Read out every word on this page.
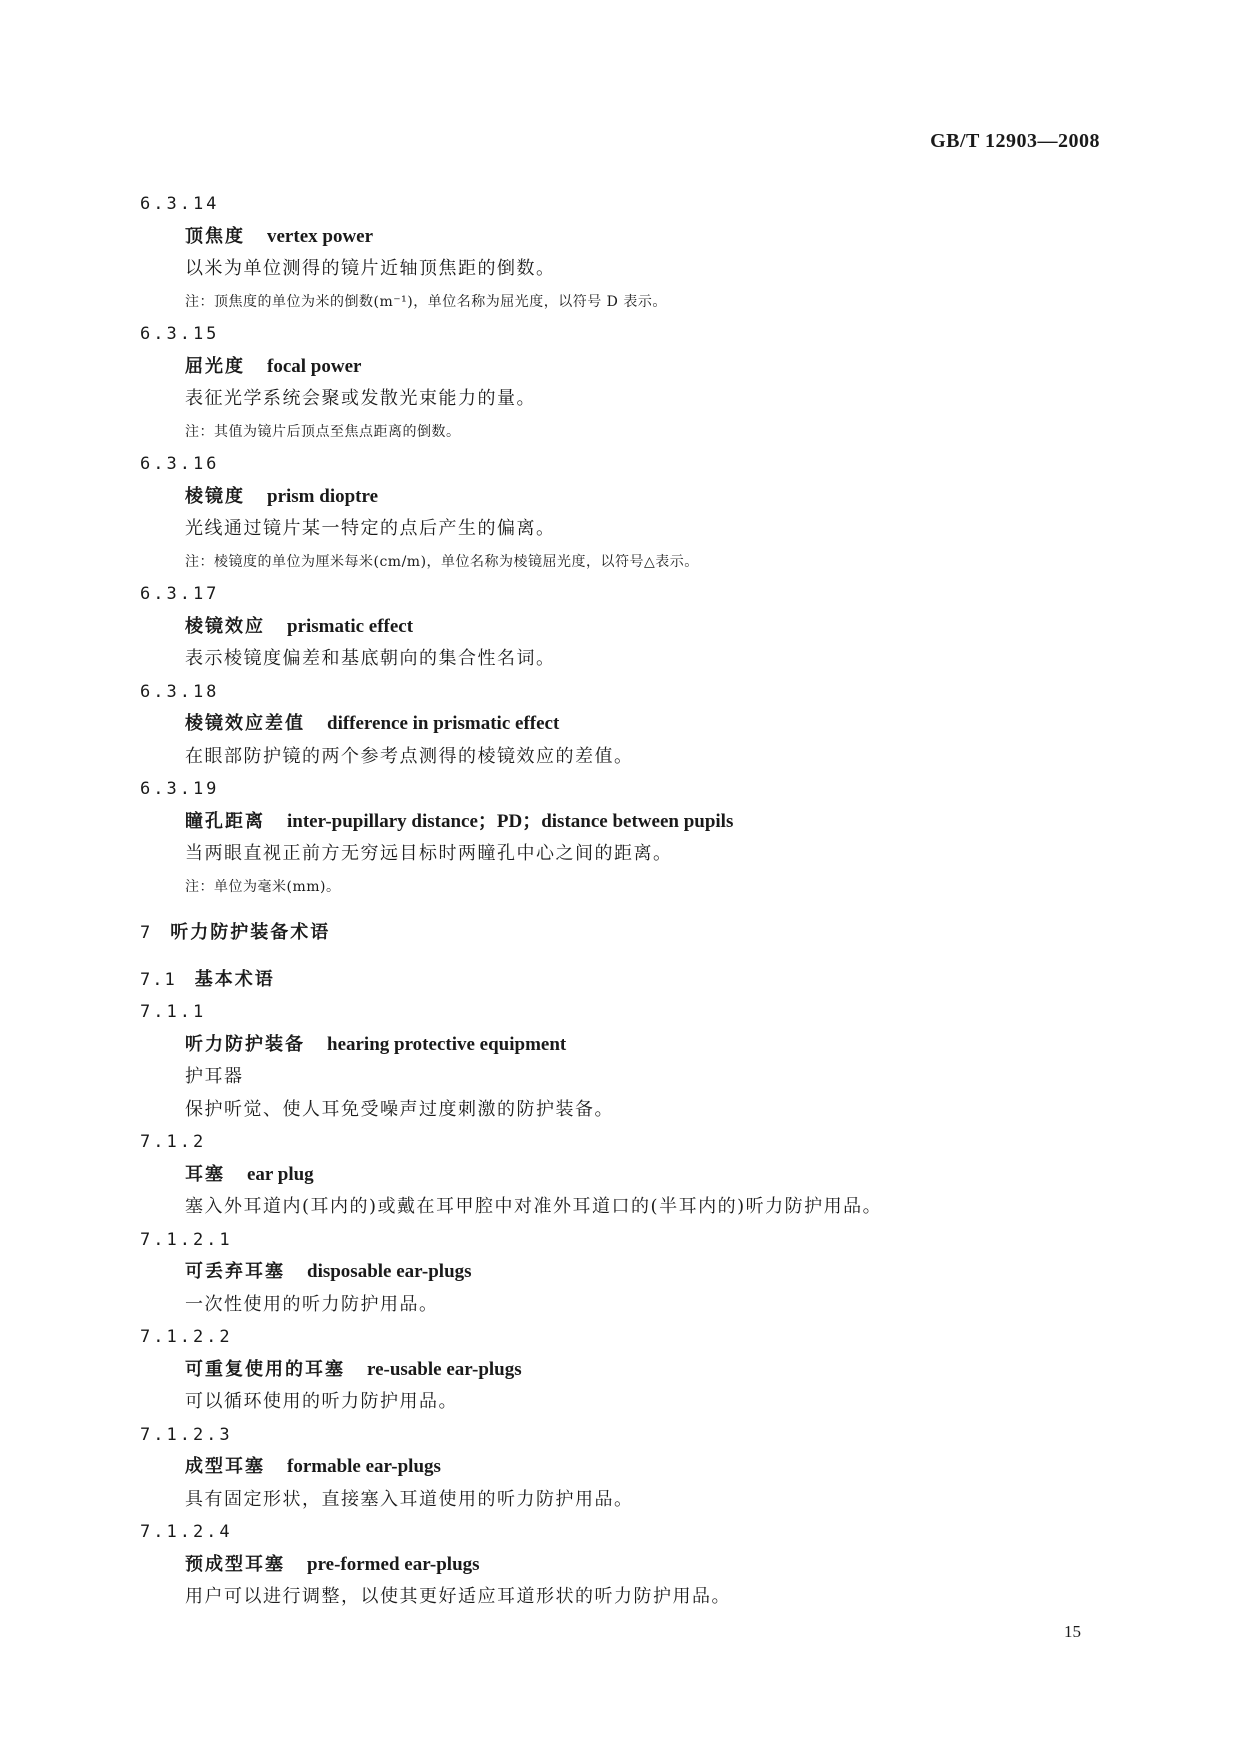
GB/T 12903—2008
6.3.14
顶焦度 vertex power
以米为单位测得的镜片近轴顶焦距的倒数。
注：顶焦度的单位为米的倒数(m⁻¹)，单位名称为屈光度，以符号 D 表示。
6.3.15
屈光度 focal power
表征光学系统会聚或发散光束能力的量。
注：其值为镜片后顶点至焦点距离的倒数。
6.3.16
棱镜度 prism dioptre
光线通过镜片某一特定的点后产生的偏离。
注：棱镜度的单位为厘米每米(cm/m)，单位名称为棱镜屈光度，以符号△表示。
6.3.17
棱镜效应 prismatic effect
表示棱镜度偏差和基底朝向的集合性名词。
6.3.18
棱镜效应差值 difference in prismatic effect
在眼部防护镜的两个参考点测得的棱镜效应的差值。
6.3.19
瞳孔距离 inter-pupillary distance；PD；distance between pupils
当两眼直视正前方无穷远目标时两瞳孔中心之间的距离。
注：单位为毫米(mm)。
7 听力防护装备术语
7.1 基本术语
7.1.1
听力防护装备 hearing protective equipment
护耳器
保护听觉、使人耳免受噪声过度刺激的防护装备。
7.1.2
耳塞 ear plug
塞入外耳道内(耳内的)或戴在耳甲腔中对准外耳道口的(半耳内的)听力防护用品。
7.1.2.1
可丢弃耳塞 disposable ear-plugs
一次性使用的听力防护用品。
7.1.2.2
可重复使用的耳塞 re-usable ear-plugs
可以循环使用的听力防护用品。
7.1.2.3
成型耳塞 formable ear-plugs
具有固定形状，直接塞入耳道使用的听力防护用品。
7.1.2.4
预成型耳塞 pre-formed ear-plugs
用户可以进行调整，以使其更好适应耳道形状的听力防护用品。
15
